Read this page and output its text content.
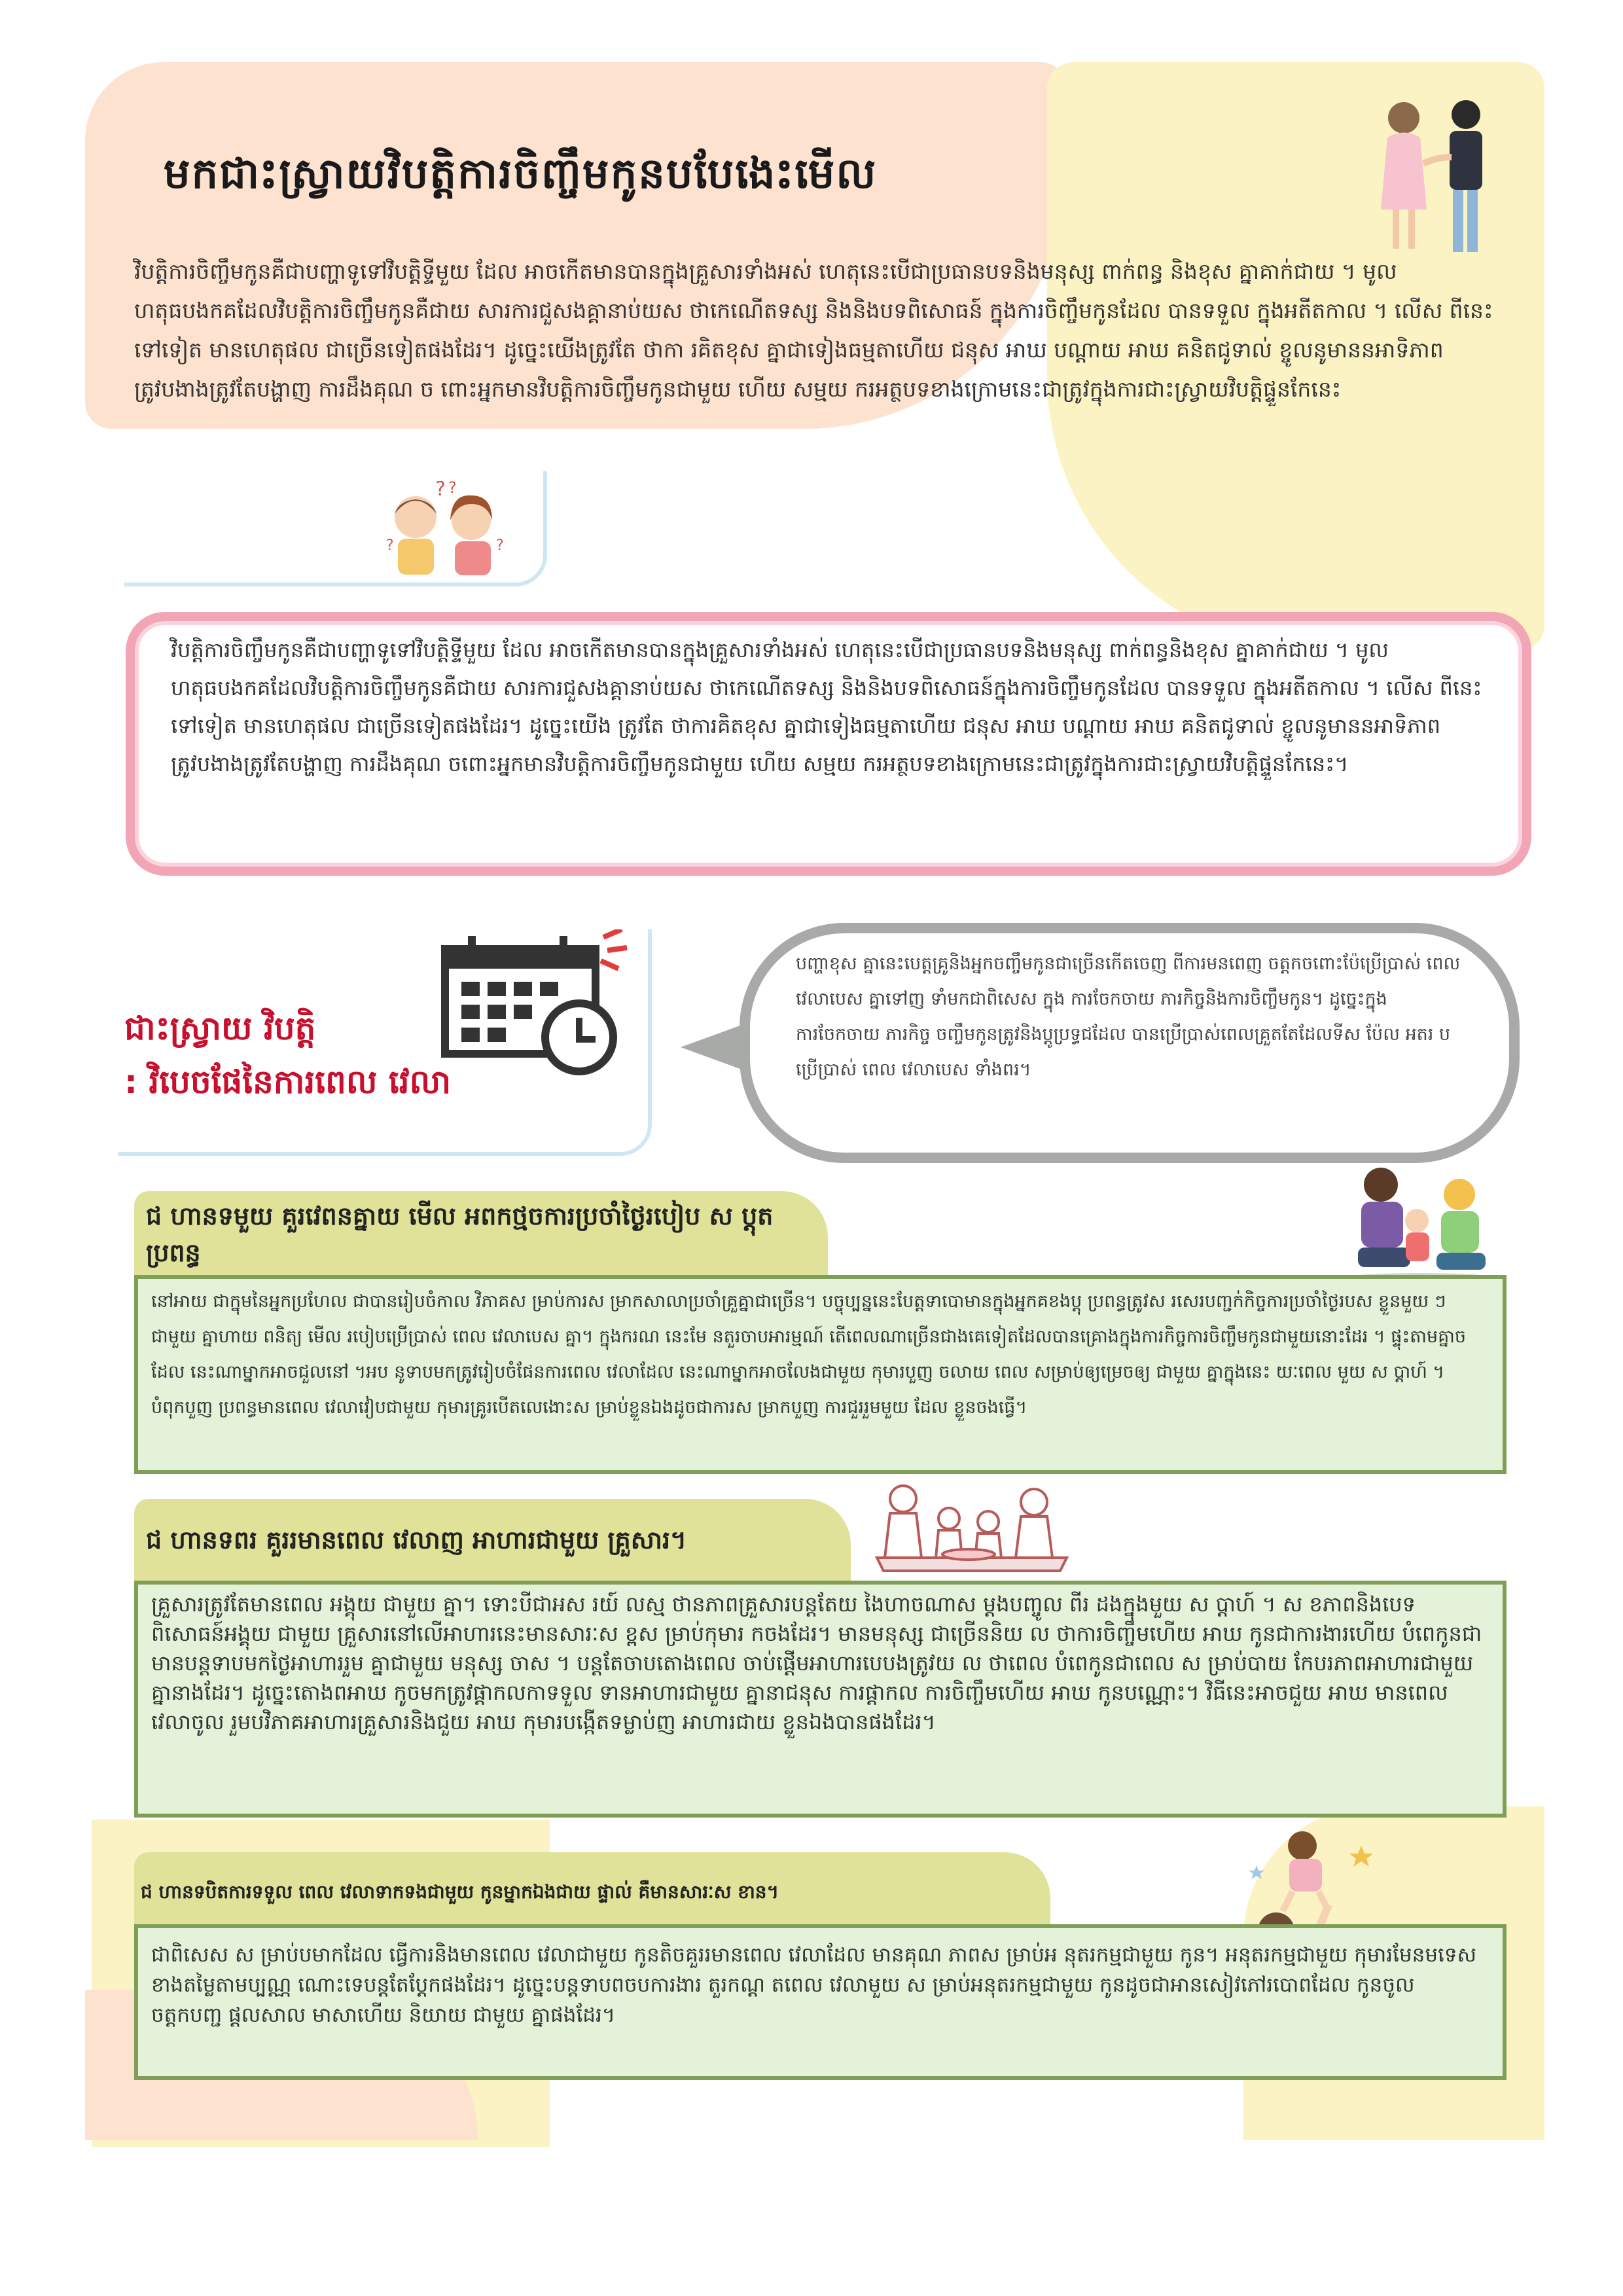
មកជាះស្រ្វាយវិបត្តិការចិញ្ចឹមកូនបបែងេះមើល
វិបត្តិការចិញ្ចឹមកូនគឺជាបញ្ហាទូទៅវិបត្តិទ្ទីមួយ ដែល អាចកើតមានបានក្នុងគ្រួសារទាំងអស់ ហេតុនេះបើជាប្រធានបទនិងមនុស្ស ពាក់ពន្ធ និងខុស គ្នាគាក់ជាយ ។ មូល ហតុធបងកគដែលវិបត្តិការចិញ្ចឹមកូនគឺជាយ សារការជួសងគ្គានាប់យស ថាកេណើតទស្ស និងនិងបទពិសោធន៍ ក្នុងការចិញ្ចឹមកូនដែល បានទទួល ក្នុងអតីតកាល ។ លើស ពីនេះទៅទៀត មានហេតុផល ជាច្រើនទៀតផងដែរ។ ដូច្នេះយើងត្រូវតែ ថាកា រគិតខុស គ្នាជាទៀងធម្មតាហើយ ជនុស អាឃ បណ្តាយ អាឃ គនិតជូទាល់ ខ្ចូលនូមាននអាទិភាពត្រូវបងាងត្រូវតែបង្ហាញ ការដឹងគុណ ច ពោះអ្នកមានវិបត្តិការចិញ្ចឹមកូនជាមួយ ហើយ សម្មយ ករអត្ថបទខាងក្រោមនេះជាត្រូវក្នុងការជាះស្រ្វាយវិបត្តិផ្ទួនកែនេះ
? ?
?	?
វិបត្តិការចិញ្ចឹមកូនគឺជាបញ្ហាទូទៅវិបត្តិទ្ទីមួយ ដែល អាចកើតមានបានក្នុងគ្រួសារទាំងអស់ ហេតុនេះបើជាប្រធានបទនិងមនុស្ស ពាក់ពន្ធនិងខុស គ្នាគាក់ជាយ ។ មូល ហតុធបងកគដែលវិបត្តិការចិញ្ចឹមកូនគឺជាយ សារការជួសងគ្គានាប់យស ថាកេណើតទស្ស និងនិងបទពិសោធន៍ក្នុងការចិញ្ចឹមកូនដែល បានទទួល ក្នុងអតីតកាល ។ លើស ពីនេះទៅទៀត មានហេតុផល ជាច្រើនទៀតផងដែរ។ ដូច្នេះយើង ត្រូវតែ ថាការគិតខុស គ្នាជាទៀងធម្មតាហើយ ជនុស អាឃ បណ្តាយ អាឃ គនិតជូទាល់ ខ្ចូលនូមាននអាទិភាពត្រូវបងាងត្រូវតែបង្ហាញ ការដឹងគុណ ចពោះអ្នកមានវិបត្តិការចិញ្ចឹមកូនជាមួយ ហើយ សម្មយ ករអត្ថបទខាងក្រោមនេះជាត្រូវក្នុងការជាះស្រ្វាយវិបត្តិផ្ទួនកែនេះ។
ជាះស្រ្វាយ វិបត្តិ
: វិបេចផែនៃការពេល វេលា
បញ្ហាខុស គ្នានេះបេត្តគ្រូនិងអ្នកចញ្ចឹមកូនជាច្រើនកើតចេញ ពីការមនពេញ ចត្តកចពោះប៉ែប្រើប្រាស់ ពេល វេលាបេស គ្នាទៅញ ទាំមកជាពិសេស ក្នុង ការចែកចាយ ភារកិច្ចនិងការចិញ្ចឹមកូន។ ដូច្នេះក្នុងការចែកចាយ ភារកិច្ច ចញ្ចឹមកូនត្រូវនិងប្តូប្រទ្ធជដែល បានប្រើប្រាស់ពេលគ្រួតតែដែលទីស ប៉ែល អតរ បប្រើប្រាស់ ពេល វេលាបេស ទាំងពរ។
ជ ហានទមួយ គួរវេពនគ្នាយ មើល អពកថ្មចការប្រចាំថ្ងៃរបៀប ស ប្តុតប្រពន្ធ
នៅអាយ ជាក្នុមនៃអ្នកប្រហែល ជាបានរៀបចំកាល វិភាគស ម្រាប់ការស ម្រាកសាលាប្រចាំគ្រួគ្នាជាច្រើន។ បច្ចុប្បន្ននេះបែត្តទាបោមានក្នុងអ្នកគខងប្តុ ប្រពន្ធត្រូវស រសេរបញ្ជក់កិច្ចការប្រចាំថ្ងៃរបស ខ្លួនមួយ ៗ ជាមួយ គ្នាហាយ ពនិត្យ មើល របៀបប្រើប្រាស់ ពេល វេលាបេស គ្នា។ ក្នុងករណ នេះមែ នតួរចាបអារម្មណ៍ តើពេលណាច្រើនជាងគេទៀតដែលបានគ្រោងក្នុងការកិច្ចការចិញ្ចឹមកូនជាមួយនោះដែរ ។ ផ្ទុះតាមគ្នាចដែល នេះណាម្នាកអាចជួលនៅ ។អប នូទាបមកត្រូវរៀបចំផែនការពេល វេលាដែល នេះណាម្នាកអាចលែងជាមួយ កុមារបួញ ចលាយ ពេល សម្រាប់ឲ្យម្រេចឲ្យ ជាមួយ គ្នាក្នុងនេះ យៈពេល មួយ ស ប្តាហ៍ ។ បំពុកបួញ ប្រពន្ធមានពេល វេលាវៀបជាមួយ កុមារគ្រូរបើតលេងោះស ម្រាប់ខ្លួនឯងដូចជាការស ម្រាកបួញ ការជួររួមមួយ ដែល ខ្លួនចងធ្វើ។
ជ ហានទពរ គួររមានពេល វេលាញ អាហារជាមួយ គ្រួសារ។
គ្រួសារត្រូវតែមានពេល អង្គុយ ជាមួយ គ្នា។ ទោះបីជាអស រយ៍ លស្ម ថានភាពគ្រួសារបន្តតែយ ងៃហាចណាស ម្តងបញ្ចូល ពីរ ដងក្នុងមួយ ស ប្តាហ៍ ។ ស ខភាពនិងបេទពិសោធន៍អង្គុយ ជាមួយ គ្រួសារនៅលើអាហារនេះមានសារៈស ខ្ពស ម្រាប់កុមារ កចងដែរ។ មានមនុស្ស ជាច្រើននិយ ល ថាការចិញ្ចឹមហើយ អាឃ កូនជាការងារហើយ បំពេកូនជាមានបន្តទាបមកថ្ងៃអាហាររួម គ្នាជាមួយ មនុស្ស ចាស ។ បន្តតែចាបតោងពេល ចាប់ផ្តើមអាហារបេបងត្រូវយ ល ថាពេល បំពេកូនជាពេល ស ម្រាប់បាយ កែបរភាពអាហារជាមួយ គ្នានាងដែរ។ ដូច្នេះតោងពអាឃ កូចមកត្រូវផ្តាកលកាទទួល ទានអាហារជាមួយ គ្នានាជនុស ការផ្តាកល ការចិញ្ចឹមហើយ អាឃ កូនបណ្ណោះ។ វិធីនេះអាចជួយ អាឃ មានពេល វេលាចូល រួមបវិភាគអាហារគ្រួសារនិងជួយ អាឃ កុមារបង្កើតទម្លាប់ញ អាហារជាយ ខ្លួនឯងបានផងដែរ។
ជ ហានទបិតការទទួល ពេល វេលាទាកទងជាមួយ កូនម្នាកឯងជាយ ផ្ទាល់ គឺមានសារៈស ខាន។
ជាពិសេស ស ម្រាប់បមាកដែល ធ្វើការនិងមានពេល វេលាជាមួយ កូនតិចគួររមានពេល វេលាដែល មានគុណ ភាពស ម្រាប់អ នុតរកម្មជាមួយ កូន។ អនុតរកម្មជាមួយ កុមារមែនមទេស ខាងតម្លៃតាមប្បណ្ណ ណោះទេបន្តតែប្តែកផងដែរ។ ដូច្នេះបន្តទាបពចបការងារ តួរកណ្ត តពេល វេលាមួយ ស ម្រាប់អនុតរកម្មជាមួយ កូនដូចជាអានសៀវភៅរបោពដែល កូនចូល ចត្តកបញ្ជ ផ្តលសាល មាសាហើយ និយាយ ជាមួយ គ្នាផងដែរ។
